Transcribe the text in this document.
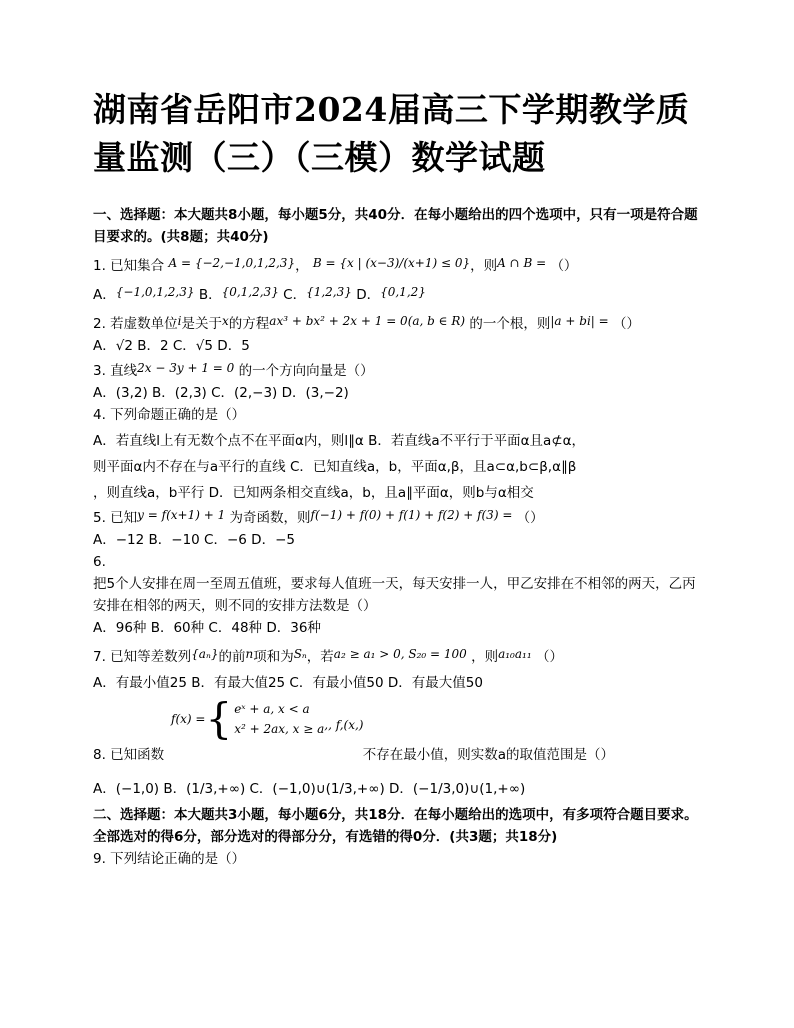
湖南省岳阳市2024届高三下学期教学质量监测（三）（三模）数学试题
一、选择题：本大题共8小题，每小题5分，共40分．在每小题给出的四个选项中，只有一项是符合题目要求的。(共8题；共40分)
1. 已知集合 A = {−2,−1,0,1,2,3}， B = {x | (x−3)/(x+1) ≤ 0}，则A ∩ B = （）
A．{−1,0,1,2,3} B．{0,1,2,3} C．{1,2,3} D．{0,1,2}
2. 若虚数单位i是关于x的方程ax³ + bx² + 2x + 1 = 0(a, b ∈ R) 的一个根，则|a + bi| = （）
A．√2 B．2 C．√5 D．5
3. 直线2x − 3y + 1 = 0 的一个方向向量是（）
A．(3,2) B．(2,3) C．(2,−3) D．(3,−2)
4. 下列命题正确的是（）
A．若直线l上有无数个点不在平面α内，则l∥α B．若直线a不平行于平面α且a⊄α，
则平面α内不存在与a平行的直线 C．已知直线a，b，平面α,β，且a⊂α,b⊂β,α∥β
，则直线a，b平行 D．已知两条相交直线a，b，且a∥平面α，则b与α相交
5. 已知y = f(x+1) + 1 为奇函数，则f(−1) + f(0) + f(1) + f(2) + f(3) = （）
A．−12 B．−10 C．−6 D．−5
6.
把5个人安排在周一至周五值班，要求每人值班一天，每天安排一人，甲乙安排在不相邻的两天，乙丙安排在相邻的两天，则不同的安排方法数是（）
A．96种 B．60种 C．48种 D．36种
7. 已知等差数列{aₙ}的前n项和为Sₙ，若a₂ ≥ a₁ > 0, S₂₀ = 100 ，则a₁₀a₁₁ （）
A．有最小值25 B．有最大值25 C．有最小值50 D．有最大值50
f(x) = { eˣ + a, x < a
x² + 2ax, x ≥ a ,, f,(x,)
8. 已知函数	不存在最小值，则实数a的取值范围是（）
A．(−1,0) B．(1/3,+∞) C．(−1,0)∪(1/3,+∞) D．(−1/3,0)∪(1,+∞)
二、选择题：本大题共3小题，每小题6分，共18分．在每小题给出的选项中，有多项符合题目要求。全部选对的得6分，部分选对的得部分分，有选错的得0分．(共3题；共18分)
9. 下列结论正确的是（）
